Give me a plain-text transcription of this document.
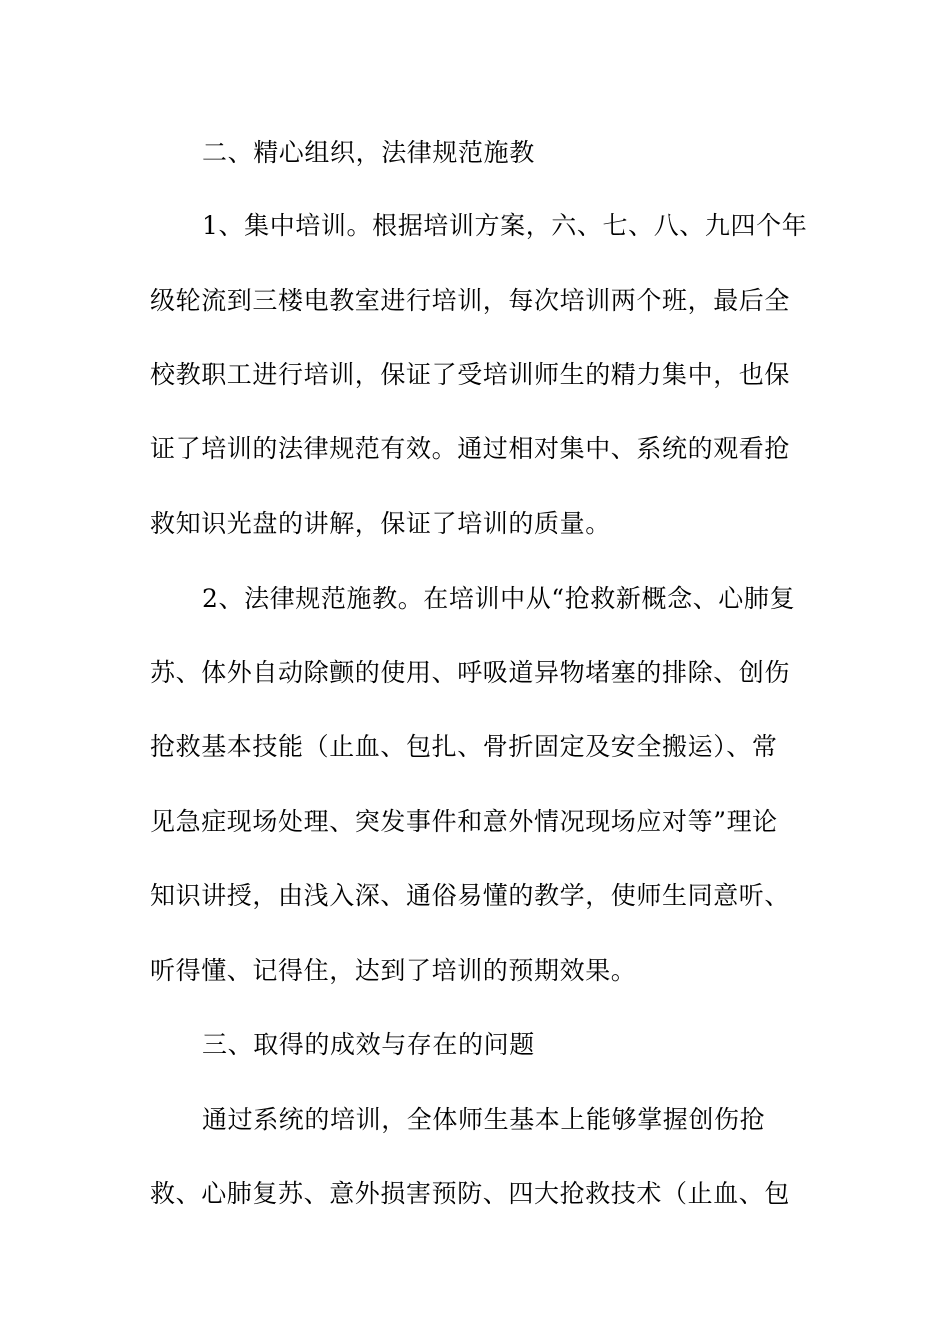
二、精心组织，法律规范施教
1、集中培训。根据培训方案，六、七、八、九四个年
级轮流到三楼电教室进行培训，每次培训两个班，最后全
校教职工进行培训，保证了受培训师生的精力集中，也保
证了培训的法律规范有效。通过相对集中、系统的观看抢
救知识光盘的讲解，保证了培训的质量。
2、法律规范施教。在培训中从“抢救新概念、心肺复
苏、体外自动除颤的使用、呼吸道异物堵塞的排除、创伤
抢救基本技能（止血、包扎、骨折固定及安全搬运）、常
见急症现场处理、突发事件和意外情况现场应对等”理论
知识讲授，由浅入深、通俗易懂的教学，使师生同意听、
听得懂、记得住，达到了培训的预期效果。
三、取得的成效与存在的问题
通过系统的培训，全体师生基本上能够掌握创伤抢
救、心肺复苏、意外损害预防、四大抢救技术（止血、包
